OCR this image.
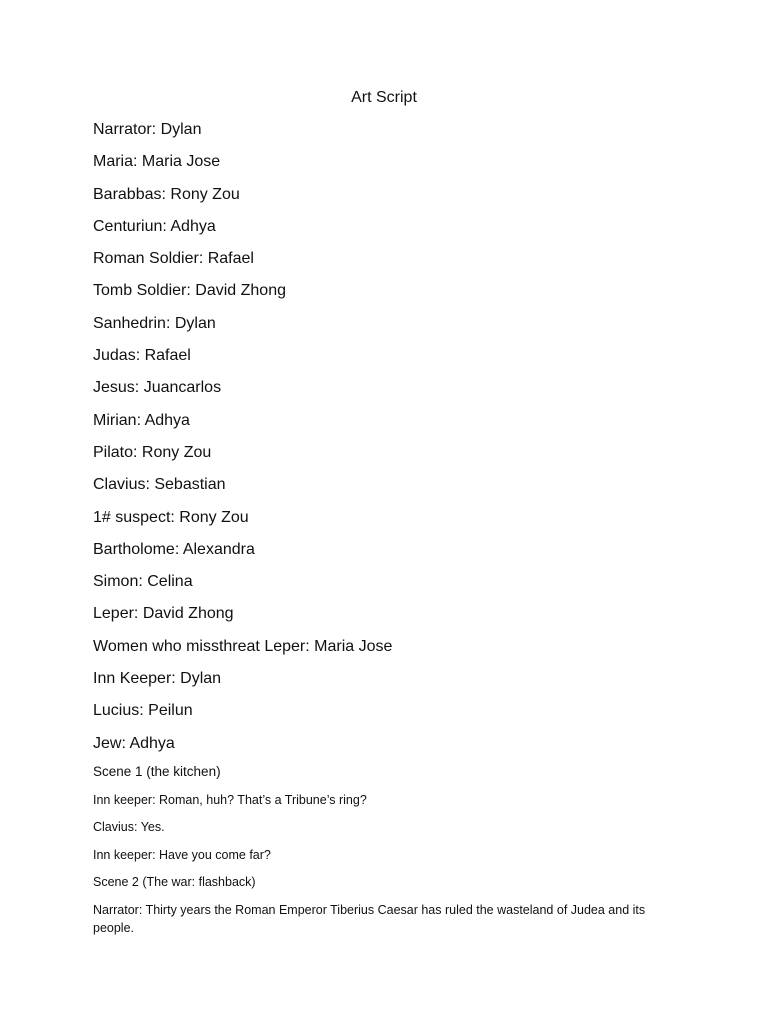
Art Script
Narrator: Dylan
Maria: Maria Jose
Barabbas: Rony Zou
Centuriun: Adhya
Roman Soldier: Rafael
Tomb Soldier: David Zhong
Sanhedrin: Dylan
Judas: Rafael
Jesus: Juancarlos
Mirian: Adhya
Pilato: Rony Zou
Clavius: Sebastian
1# suspect: Rony Zou
Bartholome: Alexandra
Simon: Celina
Leper: David Zhong
Women who missthreat Leper: Maria Jose
Inn Keeper: Dylan
Lucius: Peilun
Jew: Adhya

Scene 1 (the kitchen)

Inn keeper: Roman, huh? That’s a Tribune’s ring?

Clavius: Yes.

Inn keeper: Have you come far?

Scene 2 (The war: flashback)

Narrator: Thirty years the Roman Emperor Tiberius Caesar has ruled the wasteland of Judea and its people.
